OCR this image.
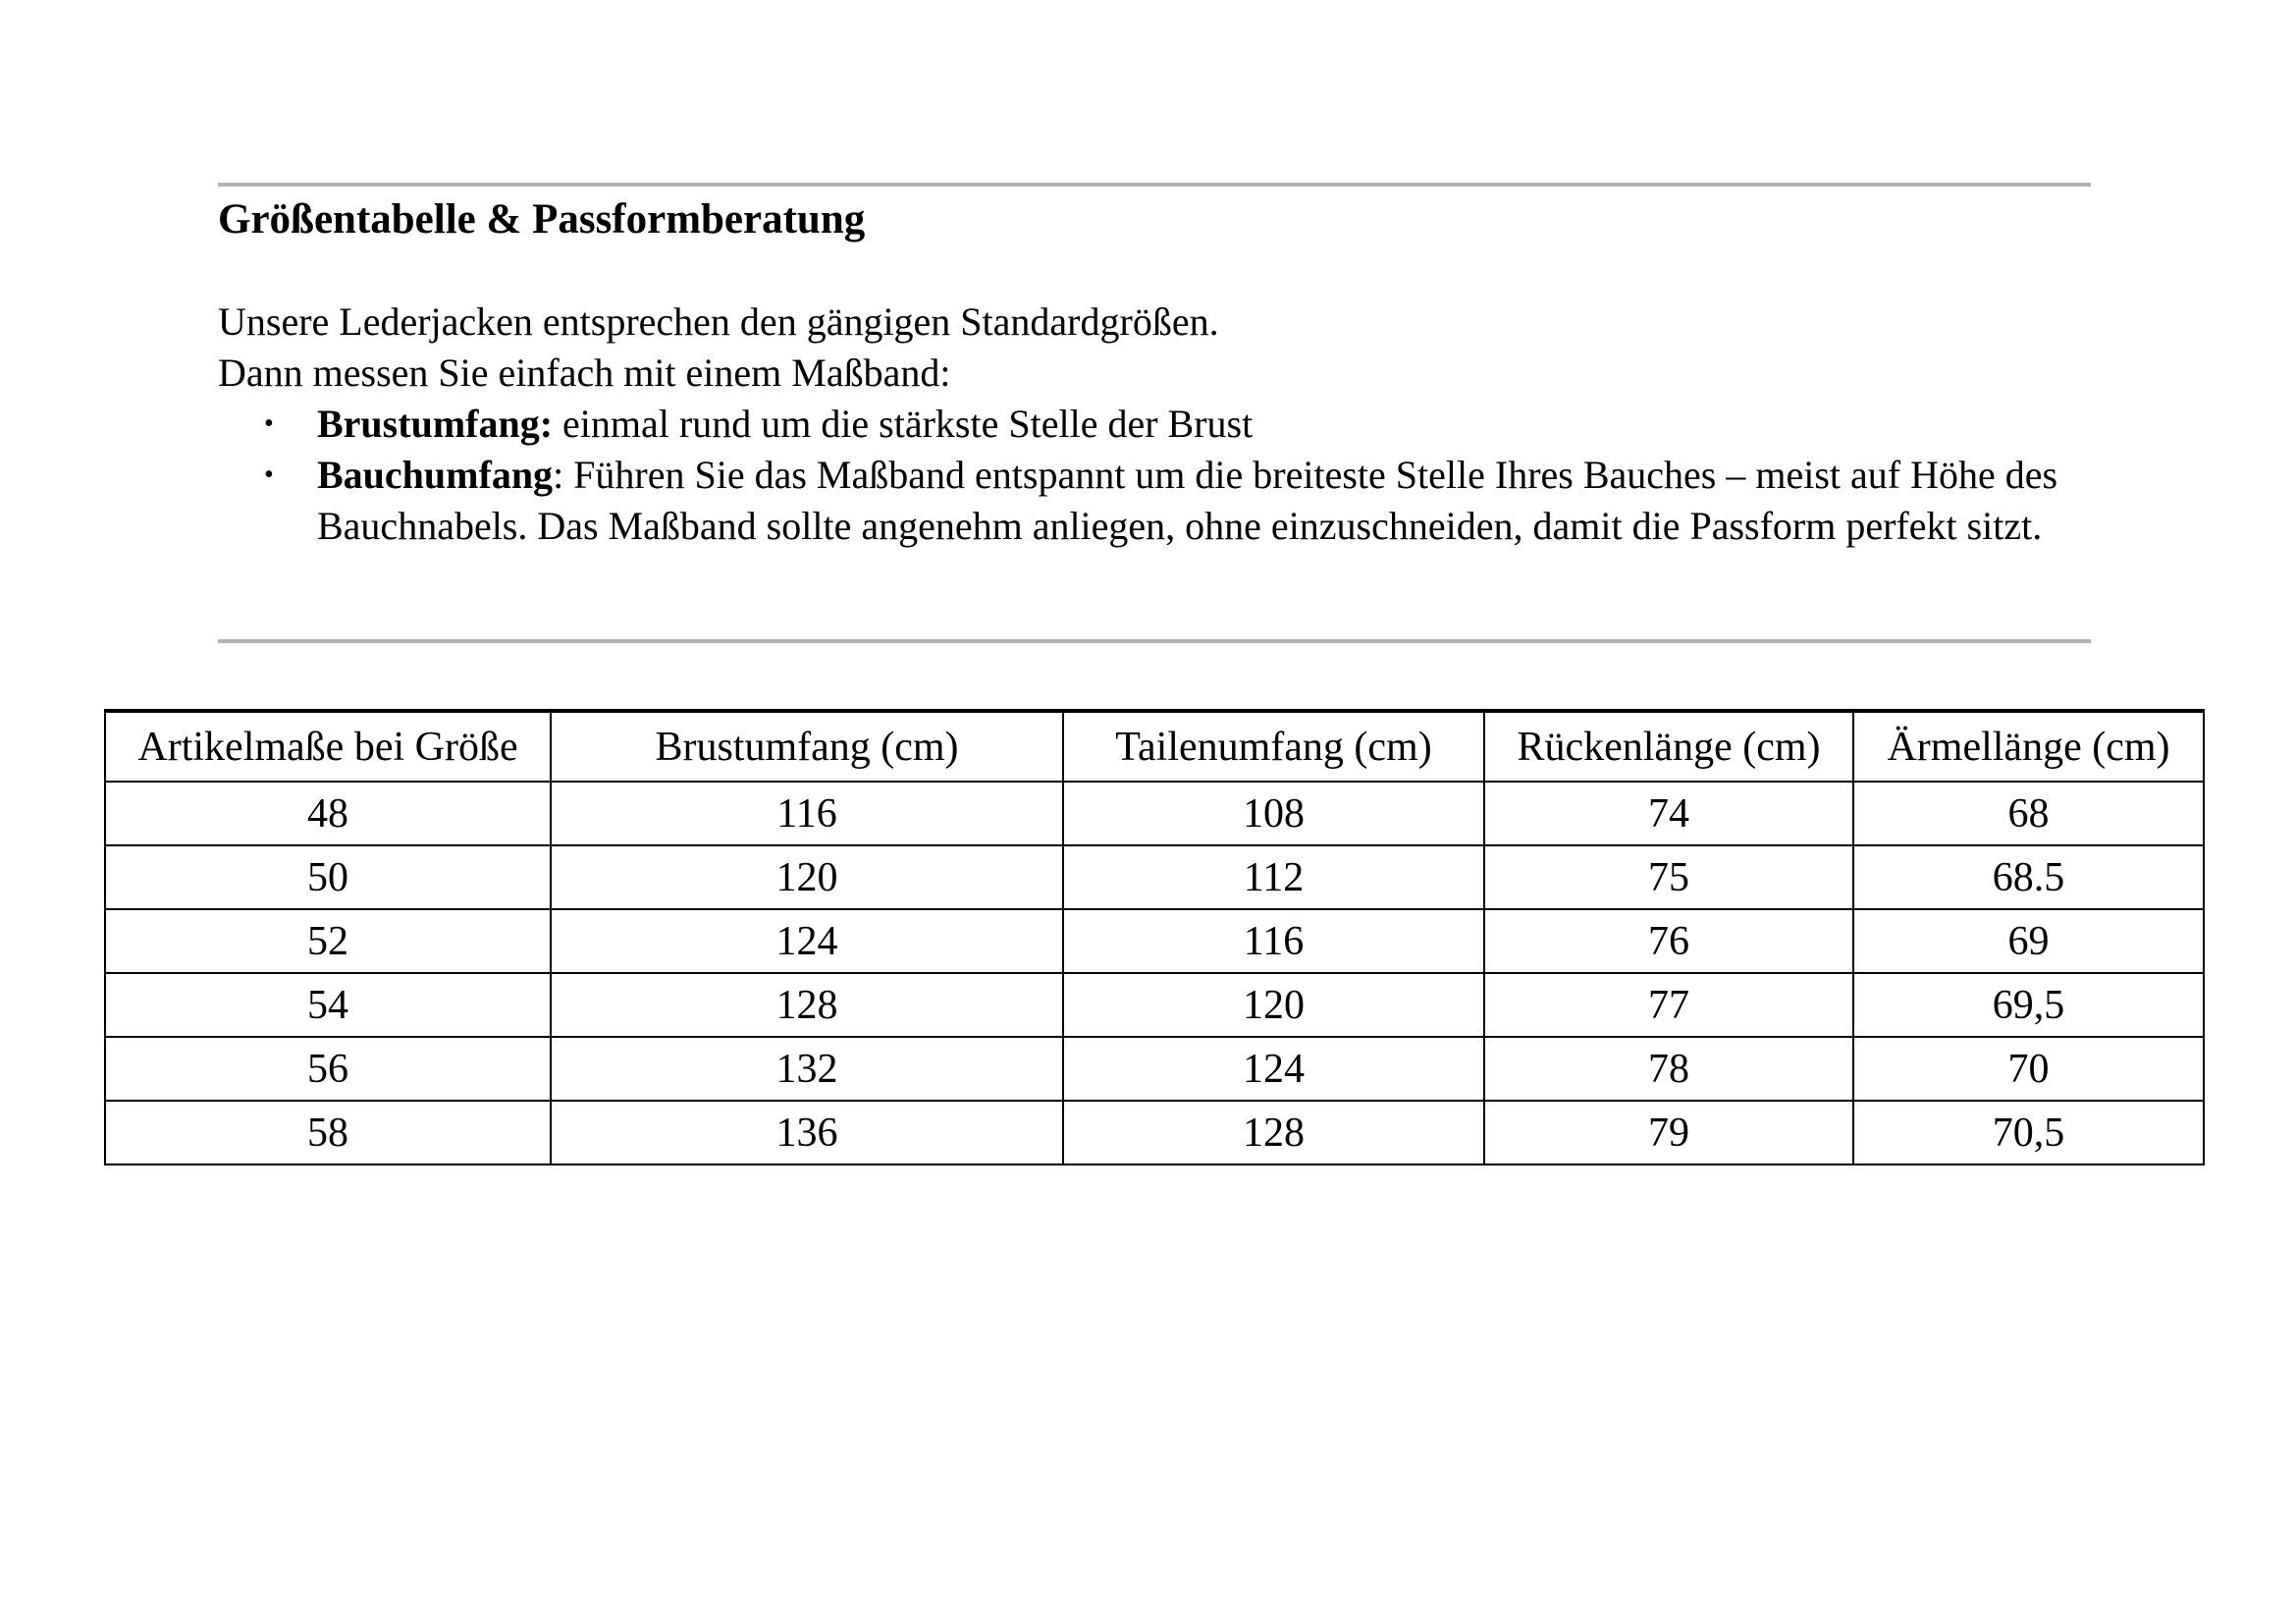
Größentabelle & Passformberatung

Unsere Lederjacken entsprechen den gängigen Standardgrößen.

Dann messen Sie einfach mit einem Maßband:

• Brustumfang: einmal rund um die stärkste Stelle der Brust
• Bauchumfang: Führen Sie das Maßband entspannt um die breiteste Stelle Ihres Bauches – meist auf Höhe des Bauchnabels. Das Maßband sollte angenehm anliegen, ohne einzuschneiden, damit die Passform perfekt sitzt.
Artikelmaße bei Größe	Brustumfang (cm)	Tailenumfang (cm)	Rückenlänge (cm)	Ärmellänge (cm)
48	116	108	74	68
50	120	112	75	68.5
52	124	116	76	69
54	128	120	77	69,5
56	132	124	78	70
58	136	128	79	70,5
